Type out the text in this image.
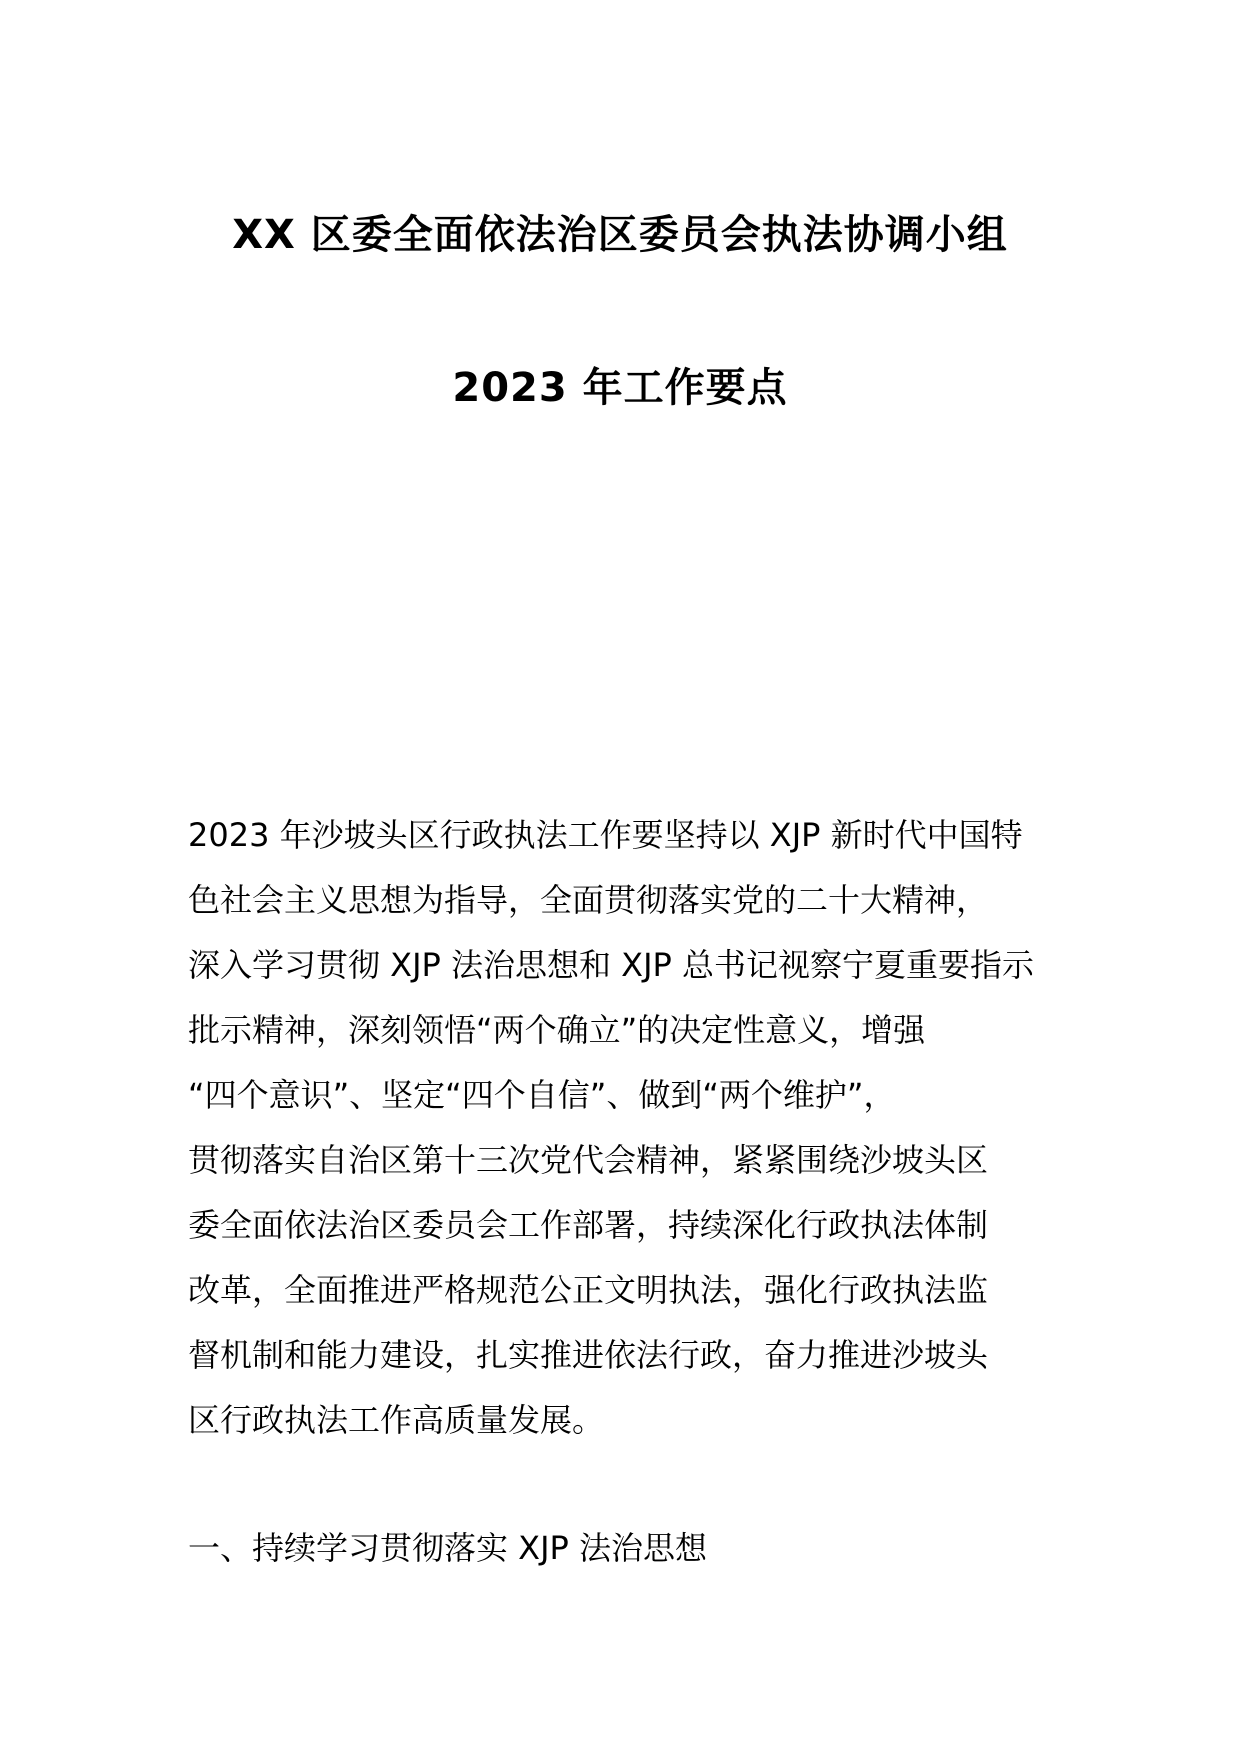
XX 区委全面依法治区委员会执法协调小组
2023 年工作要点
2023 年沙坡头区行政执法工作要坚持以 XJP 新时代中国特
色社会主义思想为指导，全面贯彻落实党的二十大精神，
深入学习贯彻 XJP 法治思想和 XJP 总书记视察宁夏重要指示
批示精神，深刻领悟“两个确立”的决定性意义，增强
“四个意识”、坚定“四个自信”、做到“两个维护”，
贯彻落实自治区第十三次党代会精神，紧紧围绕沙坡头区
委全面依法治区委员会工作部署，持续深化行政执法体制
改革，全面推进严格规范公正文明执法，强化行政执法监
督机制和能力建设，扎实推进依法行政，奋力推进沙坡头
区行政执法工作高质量发展。
一、持续学习贯彻落实 XJP 法治思想
